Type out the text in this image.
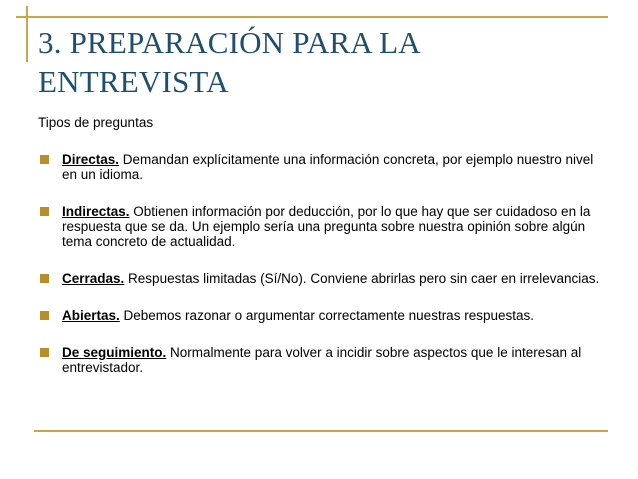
3. PREPARACIÓN PARA LA ENTREVISTA
Tipos de preguntas
Directas. Demandan explícitamente una información concreta, por ejemplo nuestro nivel en un idioma.
Indirectas. Obtienen información por deducción, por lo que hay que ser cuidadoso en la respuesta que se da. Un ejemplo sería una pregunta sobre nuestra opinión sobre algún tema concreto de actualidad.
Cerradas. Respuestas limitadas (Sí/No). Conviene abrirlas pero sin caer en irrelevancias.
Abiertas. Debemos razonar o argumentar correctamente nuestras respuestas.
De seguimiento. Normalmente para volver a incidir sobre aspectos que le interesan al entrevistador.
